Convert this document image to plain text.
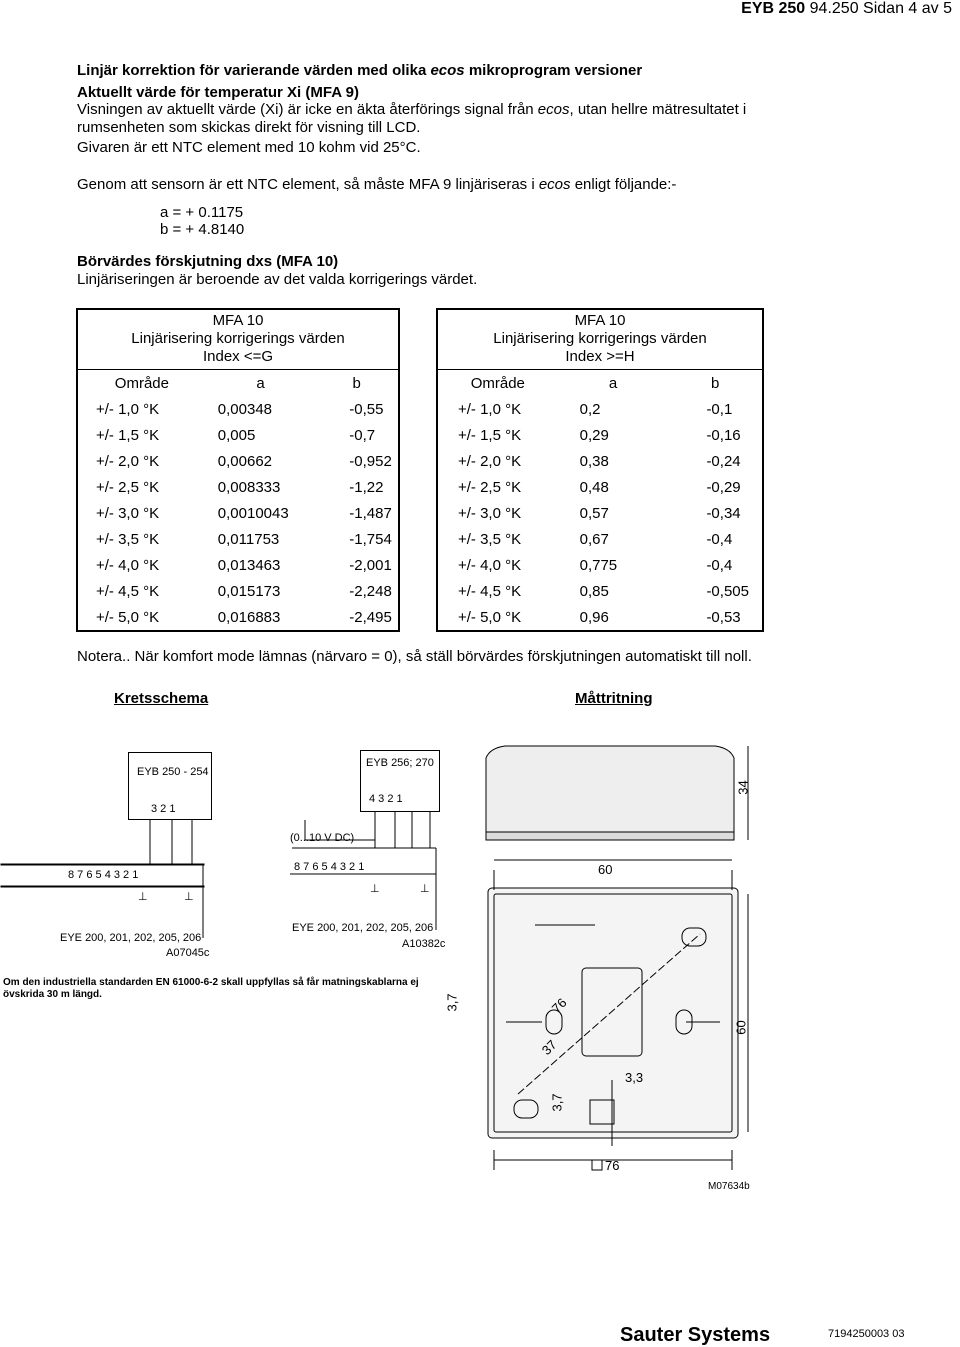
EYB 250 94.250 Sidan 4 av 5
Linjär korrektion för varierande värden med olika ecos mikroprogram versioner
Aktuellt värde för temperatur Xi (MFA 9)
Visningen av aktuellt värde (Xi) är icke en äkta återförings signal från ecos, utan hellre mätresultatet i
rumsenheten som skickas direkt för visning till LCD.
Givaren är ett NTC element med 10 kohm vid 25°C.
Genom att sensorn är ett NTC element, så måste MFA 9 linjäriseras i ecos enligt följande:-
a = + 0.1175
b = + 4.8140
Börvärdes förskjutning dxs (MFA 10)
Linjäriseringen är beroende av det valda korrigerings värdet.
MFA 10
Linjärisering korrigerings värden
Index <=G		

Område	a	b
+/- 1,0 °K	0,00348	-0,55
+/- 1,5 °K	0,005	-0,7
+/- 2,0 °K	0,00662	-0,952
+/- 2,5 °K	0,008333	-1,22
+/- 3,0 °K	0,0010043	-1,487
+/- 3,5 °K	0,011753	-1,754
+/- 4,0 °K	0,013463	-2,001
+/- 4,5 °K	0,015173	-2,248
+/- 5,0 °K	0,016883	-2,495
MFA 10
Linjärisering korrigerings värden
Index >=H		

Område	a	b
+/- 1,0 °K	0,2	-0,1
+/- 1,5 °K	0,29	-0,16
+/- 2,0 °K	0,38	-0,24
+/- 2,5 °K	0,48	-0,29
+/- 3,0 °K	0,57	-0,34
+/- 3,5 °K	0,67	-0,4
+/- 4,0 °K	0,775	-0,4
+/- 4,5 °K	0,85	-0,505
+/- 5,0 °K	0,96	-0,53
Notera.. När komfort mode lämnas (närvaro = 0), så ställ börvärdes förskjutningen automatiskt till noll.
Kretsschema	Måttritning
EYB 250 - 254
3 2 1
EYB 256; 270
4 3 2 1
(0...10 V DC)
8 7 6 5 4 3 2 1
8 7 6 5 4 3 2 1
⊥	⊥
⊥	⊥
EYE 200, 201, 202, 205, 206
A07045c
EYE 200, 201, 202, 205, 206
A10382c
Om den industriella standarden EN 61000-6-2 skall uppfyllas så får matningskablarna ej övskrida 30 m längd.
34
60
60
3,7	76
37
3,3
3,7
76
M07634b
Sauter Systems	7194250003 03
